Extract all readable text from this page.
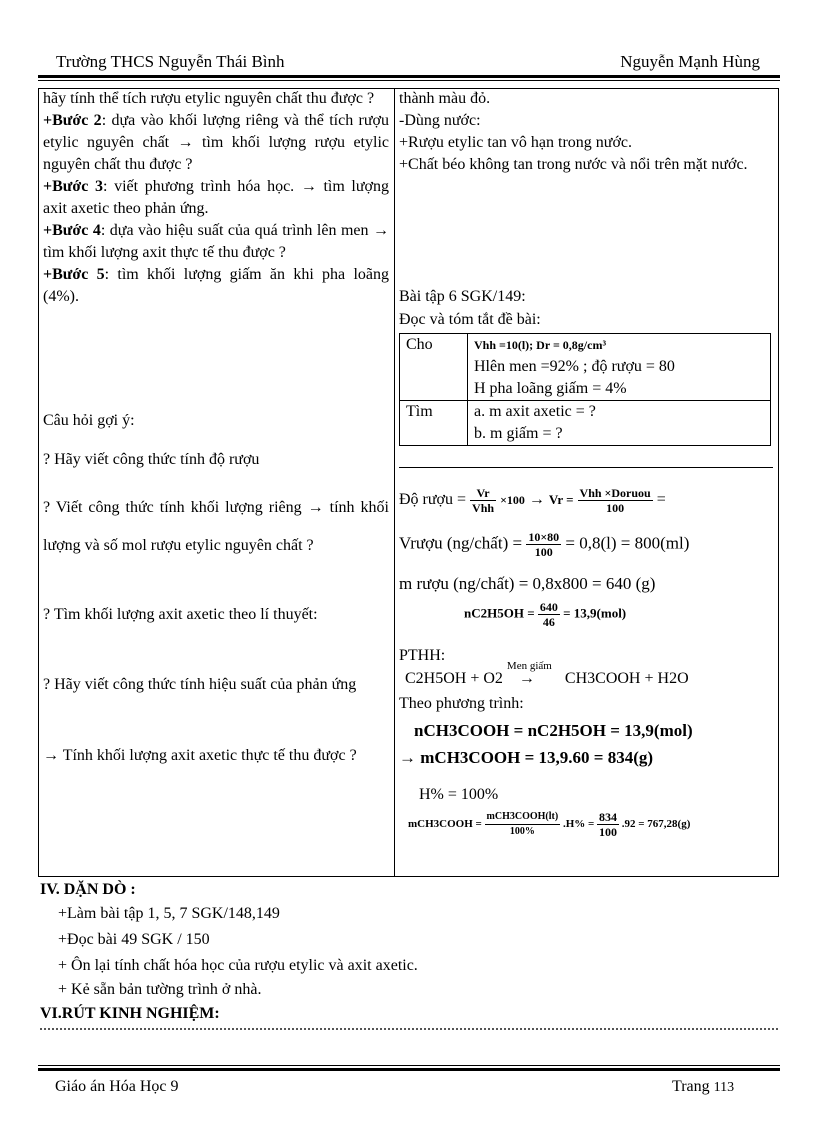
Trường THCS Nguyễn Thái Bình	Nguyễn Mạnh Hùng

hãy tính thể tích rượu etylic nguyên chất thu được ?

+Bước 2: dựa vào khối lượng riêng và thể tích rượu etylic nguyên chất → tìm khối lượng rượu etylic nguyên chất thu được ?

+Bước 3: viết phương trình hóa học. → tìm lượng axit axetic theo phản ứng.

+Bước 4: dựa vào hiệu suất của quá trình lên men → tìm khối lượng axit thực tế thu được ?

+Bước 5: tìm khối lượng giấm ăn khi pha loãng (4%).

Câu hỏi gợi ý:
? Hãy viết công thức tính độ rượu
? Viết công thức tính khối lượng riêng → tính khối lượng và số mol rượu etylic nguyên chất ?
? Tìm khối lượng axit axetic theo lí thuyết:
? Hãy viết công thức tính hiệu suất của phản ứng
→ Tính khối lượng axit axetic thực tế thu được ?

thành màu đỏ.

-Dùng nước:

+Rượu etylic tan vô hạn trong nước.

+Chất béo không tan trong nước và nổi trên mặt nước.

Bài tập 6 SGK/149:
Đọc và tóm tắt đề bài:
Cho	Vhh =10(l); Dr = 0,8g/cm³
Hlên men =92% ; độ rượu = 80
H pha loãng giấm = 4%

Tìm	a. m axit axetic = ?
b. m giấm = ?
Độ rượu = $\frac{Vr}{\text{Vhh}} \times 100 \to Vr = \frac{\text{Vhh ×Doruou}}{100}$ =
Vrượu (ng/chất) = $\frac{10\times 80}{100} = 0,8(l) = 800(ml)$
m rượu (ng/chất) = 0,8x800 = 640 (g)
$nC2H5OH = \frac{640}{46} = 13,9(mol)$
PTHH:
C2H5OH + O2
Men giấm
→ CH3COOH + H2O
Theo phương trình:
nCH3COOH = nC2H5OH = 13,9(mol)
→ mCH3COOH = 13,9.60 = 834(g)
H% = 100%
mCH3COOH = $\frac{\text{mCH3COOH(lt)}}{100\%} .H\% = \frac{834}{100} .92 = 767,28(g)$
IV. DẶN DÒ :
+Làm bài tập 1, 5, 7 SGK/148,149
+Đọc bài 49 SGK / 150
+ Ôn lại tính chất hóa học của rượu etylic và axit axetic.
+ Kẻ sẵn bản tường trình ở nhà.
VI.RÚT KINH NGHIỆM:
Giáo án Hóa Học 9	Trang 113
